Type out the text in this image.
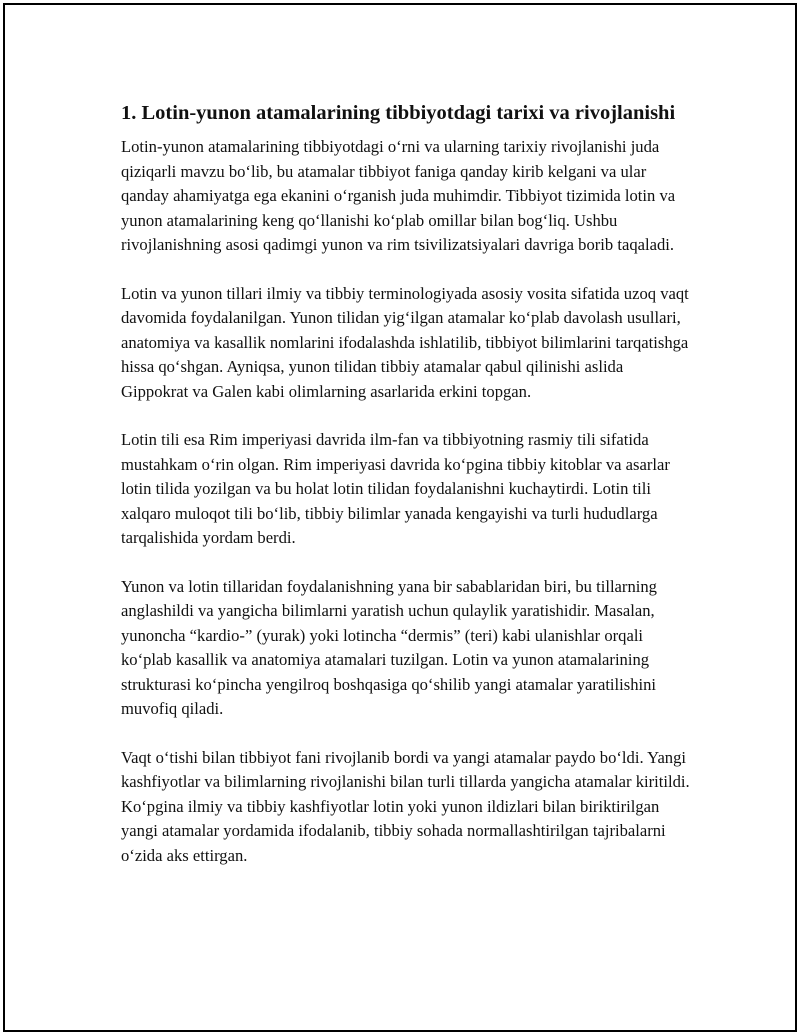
1. Lotin-yunon atamalarining tibbiyotdagi tarixi va rivojlanishi

Lotin-yunon atamalarining tibbiyotdagi o‘rni va ularning tarixiy rivojlanishi juda qiziqarli mavzu bo‘lib, bu atamalar tibbiyot faniga qanday kirib kelgani va ular qanday ahamiyatga ega ekanini o‘rganish juda muhimdir. Tibbiyot tizimida lotin va yunon atamalarining keng qo‘llanishi ko‘plab omillar bilan bog‘liq. Ushbu rivojlanishning asosi qadimgi yunon va rim tsivilizatsiyalari davriga borib taqaladi.

Lotin va yunon tillari ilmiy va tibbiy terminologiyada asosiy vosita sifatida uzoq vaqt davomida foydalanilgan. Yunon tilidan yig‘ilgan atamalar ko‘plab davolash usullari, anatomiya va kasallik nomlarini ifodalashda ishlatilib, tibbiyot bilimlarini tarqatishga hissa qo‘shgan. Ayniqsa, yunon tilidan tibbiy atamalar qabul qilinishi aslida Gippokrat va Galen kabi olimlarning asarlarida erkini topgan.

Lotin tili esa Rim imperiyasi davrida ilm-fan va tibbiyotning rasmiy tili sifatida mustahkam o‘rin olgan. Rim imperiyasi davrida ko‘pgina tibbiy kitoblar va asarlar lotin tilida yozilgan va bu holat lotin tilidan foydalanishni kuchaytirdi. Lotin tili xalqaro muloqot tili bo‘lib, tibbiy bilimlar yanada kengayishi va turli hududlarga tarqalishida yordam berdi.

Yunon va lotin tillaridan foydalanishning yana bir sabablaridan biri, bu tillarning anglashildi va yangicha bilimlarni yaratish uchun qulaylik yaratishidir. Masalan, yunoncha “kardio-” (yurak) yoki lotincha “dermis” (teri) kabi ulanishlar orqali ko‘plab kasallik va anatomiya atamalari tuzilgan. Lotin va yunon atamalarining strukturasi ko‘pincha yengilroq boshqasiga qo‘shilib yangi atamalar yaratilishini muvofiq qiladi.

Vaqt o‘tishi bilan tibbiyot fani rivojlanib bordi va yangi atamalar paydo bo‘ldi. Yangi kashfiyotlar va bilimlarning rivojlanishi bilan turli tillarda yangicha atamalar kiritildi. Ko‘pgina ilmiy va tibbiy kashfiyotlar lotin yoki yunon ildizlari bilan biriktirilgan yangi atamalar yordamida ifodalanib, tibbiy sohada normallashtirilgan tajribalarni o‘zida aks ettirgan.
